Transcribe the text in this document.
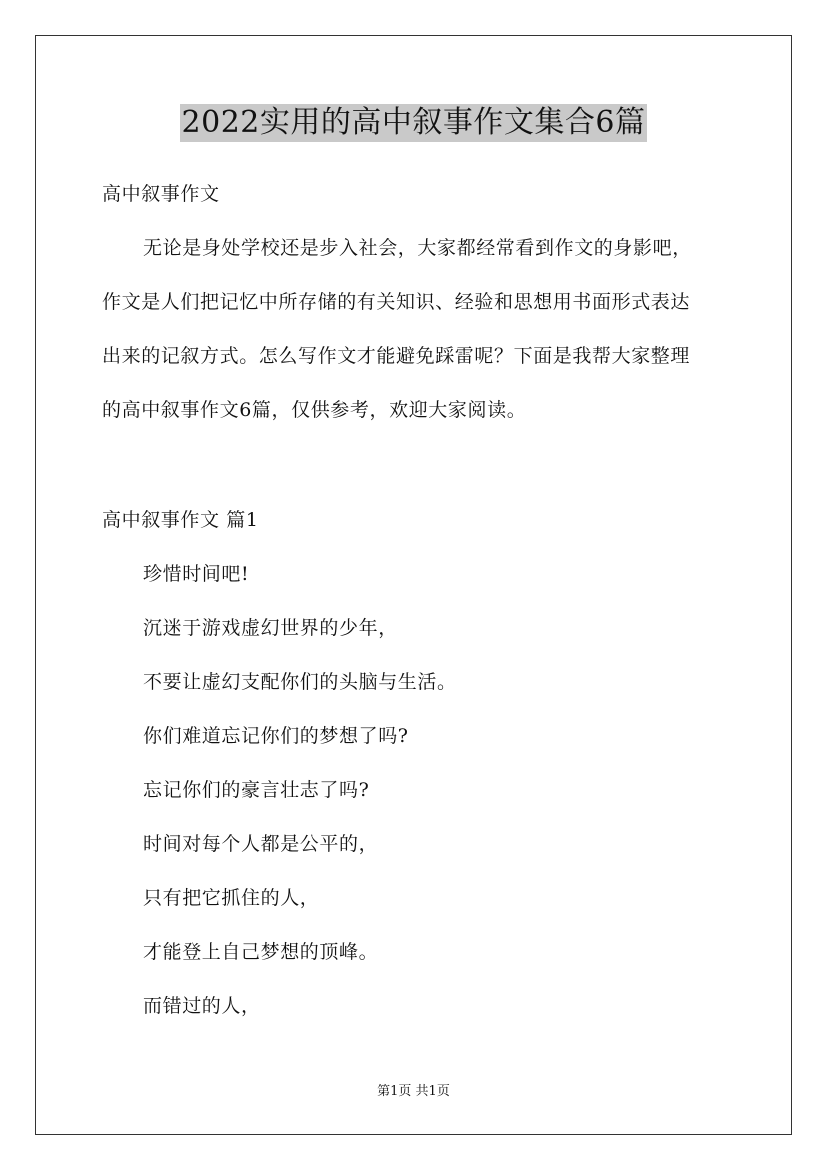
2022实用的高中叙事作文集合6篇
高中叙事作文
无论是身处学校还是步入社会，大家都经常看到作文的身影吧，
作文是人们把记忆中所存储的有关知识、经验和思想用书面形式表达
出来的记叙方式。怎么写作文才能避免踩雷呢？下面是我帮大家整理
的高中叙事作文6篇，仅供参考，欢迎大家阅读。
高中叙事作文 篇1
珍惜时间吧!
沉迷于游戏虚幻世界的少年，
不要让虚幻支配你们的头脑与生活。
你们难道忘记你们的梦想了吗?
忘记你们的豪言壮志了吗?
时间对每个人都是公平的，
只有把它抓住的人，
才能登上自己梦想的顶峰。
而错过的人，
第1页 共1页
